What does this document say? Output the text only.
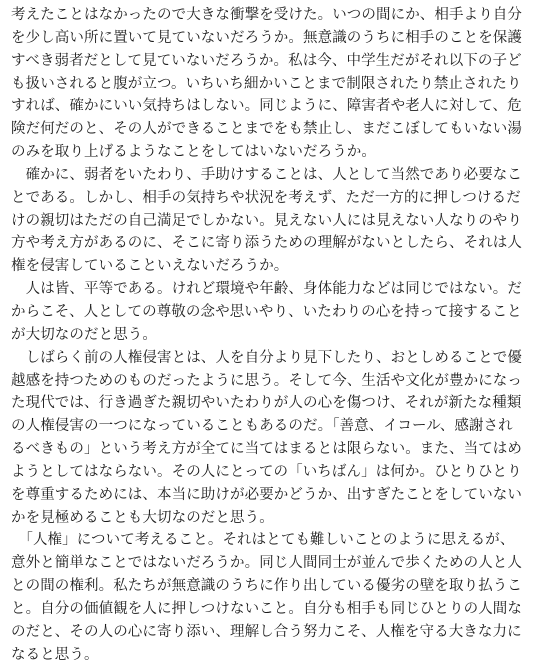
考えたことはなかったので大きな衝撃を受けた。いつの間にか、相手より自分
を少し高い所に置いて見ていないだろうか。無意識のうちに相手のことを保護
すべき弱者だとして見ていないだろうか。私は今、中学生だがそれ以下の子ど
も扱いされると腹が立つ。いちいち細かいことまで制限されたり禁止されたり
すれば、確かにいい気持ちはしない。同じように、障害者や老人に対して、危
険だ何だのと、その人ができることまでをも禁止し、まだこぼしてもいない湯
のみを取り上げるようなことをしてはいないだろうか。
　確かに、弱者をいたわり、手助けすることは、人として当然であり必要なこ
とである。しかし、相手の気持ちや状況を考えず、ただ一方的に押しつけるだ
けの親切はただの自己満足でしかない。見えない人には見えない人なりのやり
方や考え方があるのに、そこに寄り添うための理解がないとしたら、それは人
権を侵害していることいえないだろうか。
　人は皆、平等である。けれど環境や年齢、身体能力などは同じではない。だ
からこそ、人としての尊敬の念や思いやり、いたわりの心を持って接すること
が大切なのだと思う。
　しばらく前の人権侵害とは、人を自分より見下したり、おとしめることで優
越感を持つためのものだったように思う。そして今、生活や文化が豊かになっ
た現代では、行き過ぎた親切やいたわりが人の心を傷つけ、それが新たな種類
の人権侵害の一つになっていることもあるのだ。「善意、イコール、感謝され
るべきもの」という考え方が全てに当てはまるとは限らない。また、当てはめ
ようとしてはならない。その人にとっての「いちばん」は何か。ひとりひとり
を尊重するためには、本当に助けが必要かどうか、出すぎたことをしていない
かを見極めることも大切なのだと思う。
　「人権」について考えること。それはとても難しいことのように思えるが、
意外と簡単なことではないだろうか。同じ人間同士が並んで歩くための人と人
との間の権利。私たちが無意識のうちに作り出している優劣の壁を取り払うこ
と。自分の価値観を人に押しつけないこと。自分も相手も同じひとりの人間な
のだと、その人の心に寄り添い、理解し合う努力こそ、人権を守る大きな力に
なると思う。
